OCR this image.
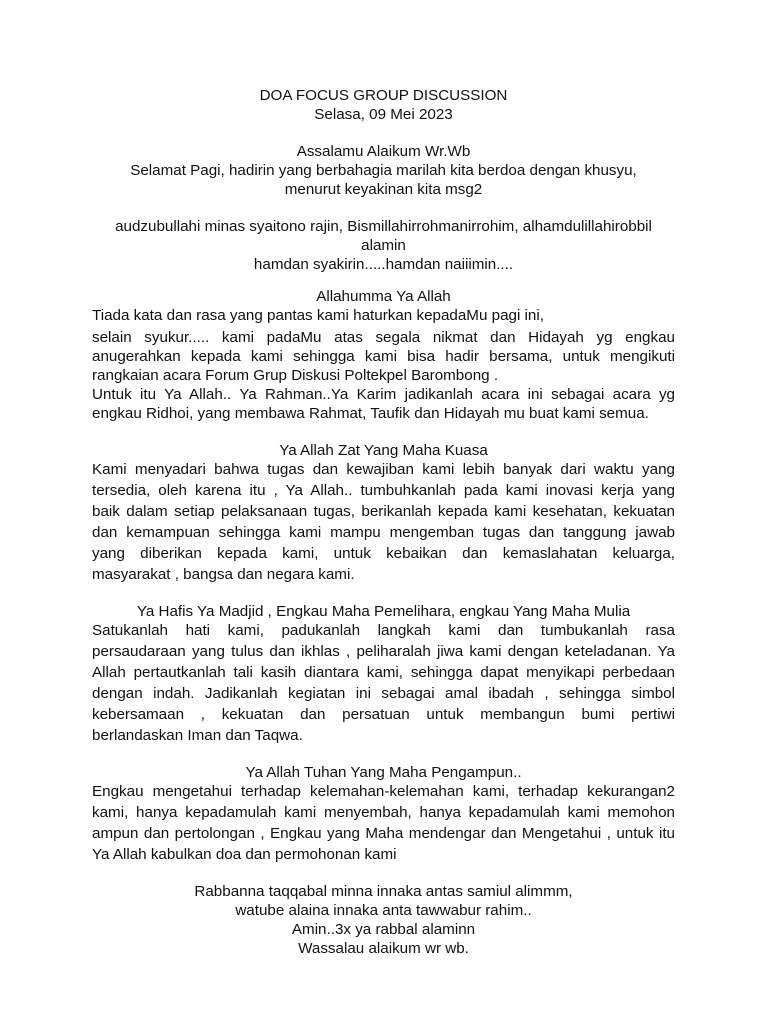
DOA FOCUS GROUP DISCUSSION
Selasa, 09 Mei 2023
Assalamu Alaikum Wr.Wb
Selamat Pagi, hadirin yang berbahagia marilah kita berdoa dengan khusyu,
menurut keyakinan kita msg2
audzubullahi minas syaitono rajin, Bismillahirrohmanirrohim, alhamdulillahirobbil
alamin
hamdan syakirin.....hamdan naiiimin....
Allahumma Ya Allah
Tiada kata dan rasa yang pantas kami haturkan kepadaMu pagi ini,
selain syukur..... kami padaMu atas segala nikmat dan Hidayah yg engkau
anugerahkan kepada kami sehingga kami bisa hadir bersama, untuk mengikuti
rangkaian acara Forum Grup Diskusi Poltekpel Barombong .
Untuk itu Ya Allah.. Ya Rahman..Ya Karim jadikanlah acara ini sebagai acara yg
engkau Ridhoi, yang membawa Rahmat, Taufik dan Hidayah mu buat kami semua.
Ya Allah Zat Yang Maha Kuasa
Kami menyadari bahwa tugas dan kewajiban kami lebih banyak dari waktu yang
tersedia, oleh karena itu , Ya Allah.. tumbuhkanlah pada kami inovasi kerja yang
baik dalam setiap pelaksanaan tugas, berikanlah kepada kami kesehatan, kekuatan
dan kemampuan sehingga kami mampu mengemban tugas dan tanggung jawab
yang diberikan kepada kami, untuk kebaikan dan kemaslahatan keluarga,
masyarakat , bangsa dan negara kami.
Ya Hafis Ya Madjid , Engkau Maha Pemelihara, engkau Yang Maha Mulia
Satukanlah hati kami, padukanlah langkah kami dan tumbukanlah rasa
persaudaraan yang tulus dan ikhlas , peliharalah jiwa kami dengan keteladanan. Ya
Allah pertautkanlah tali kasih diantara kami, sehingga dapat menyikapi perbedaan
dengan indah. Jadikanlah kegiatan ini sebagai amal ibadah , sehingga simbol
kebersamaan , kekuatan dan persatuan untuk membangun bumi pertiwi
berlandaskan Iman dan Taqwa.
Ya Allah Tuhan Yang Maha Pengampun..
Engkau mengetahui terhadap kelemahan-kelemahan kami, terhadap kekurangan2
kami, hanya kepadamulah kami menyembah, hanya kepadamulah kami memohon
ampun dan pertolongan , Engkau yang Maha mendengar dan Mengetahui , untuk itu
Ya Allah kabulkan doa dan permohonan kami
Rabbanna taqqabal minna innaka antas samiul alimmm,
watube alaina innaka anta tawwabur rahim..
Amin..3x ya rabbal alaminn
Wassalau alaikum wr wb.
